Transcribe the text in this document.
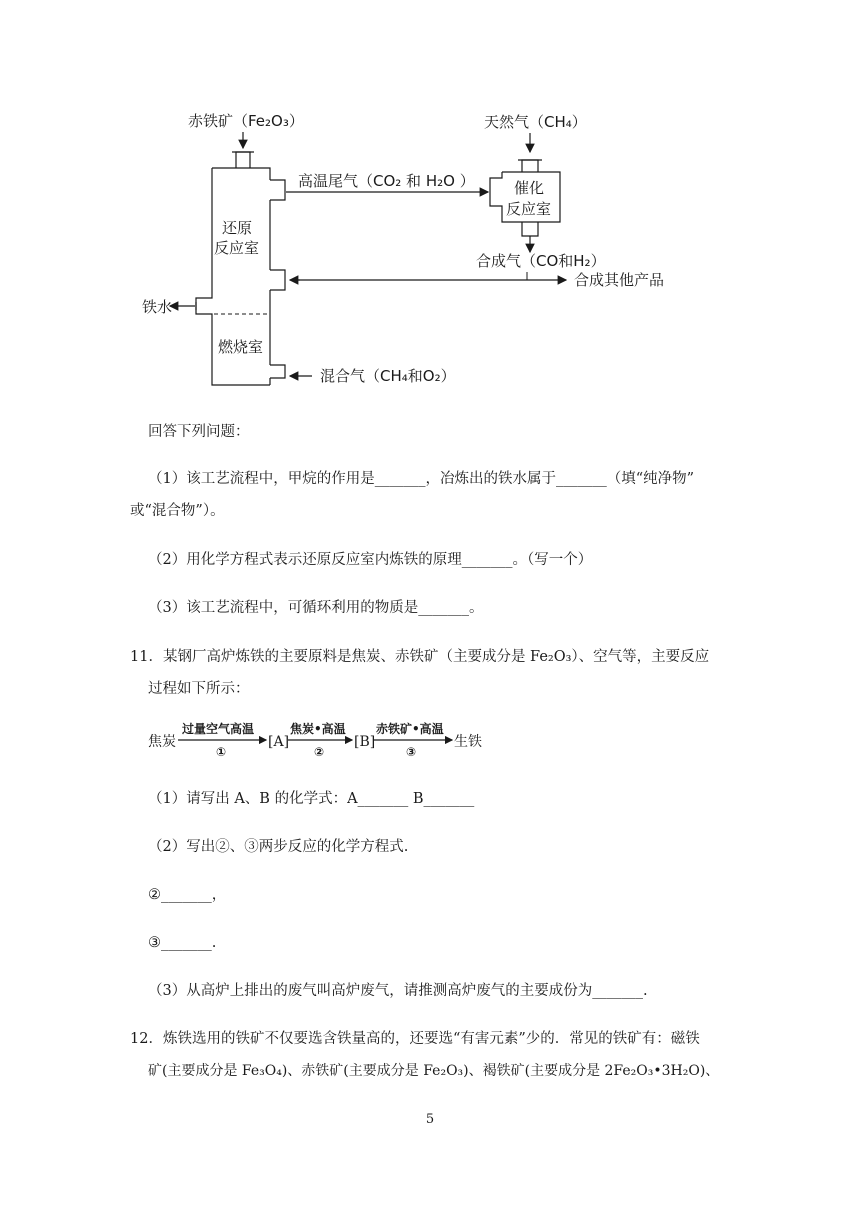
赤铁矿（Fe₂O₃）
还原
反应室
燃烧室
铁水
高温尾气（CO₂ 和 H₂O ）
天然气（CH₄）
催化
反应室
合成气（CO和H₂）
合成其他产品
混合气（CH₄和O₂）
回答下列问题：
（1）该工艺流程中，甲烷的作用是_______，冶炼出的铁水属于_______（填“纯净物”
或“混合物”）。
（2）用化学方程式表示还原反应室内炼铁的原理_______。（写一个）
（3）该工艺流程中，可循环利用的物质是_______。
11．某钢厂高炉炼铁的主要原料是焦炭、赤铁矿（主要成分是 Fe₂O₃）、空气等，主要反应
过程如下所示：
焦炭
过量空气高温
①
[A]
焦炭•高温
②
[B]
赤铁矿•高温
③
生铁
（1）请写出 A、B 的化学式：A_______ B_______
（2）写出②、③两步反应的化学方程式.
②_______，
③_______.
（3）从高炉上排出的废气叫高炉废气，请推测高炉废气的主要成份为_______.
12．炼铁选用的铁矿不仅要选含铁量高的，还要选“有害元素”少的．常见的铁矿有：磁铁
矿(主要成分是 Fe₃O₄)、赤铁矿(主要成分是 Fe₂O₃)、褐铁矿(主要成分是 2Fe₂O₃•3H₂O)、
5
